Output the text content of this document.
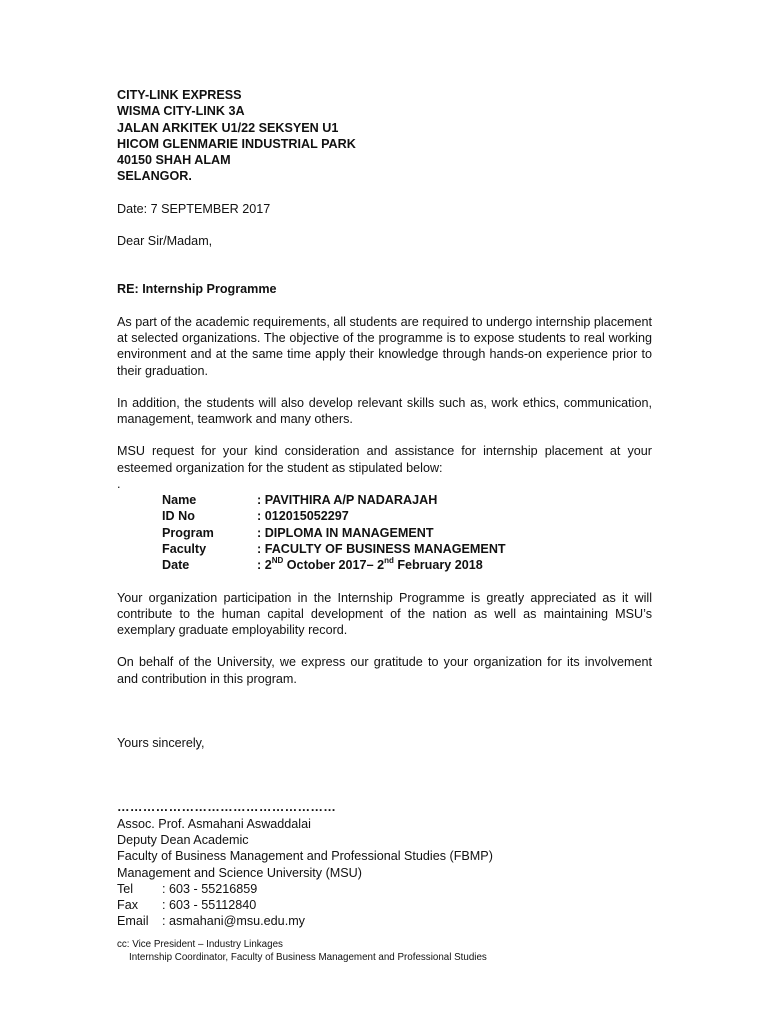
CITY-LINK EXPRESS
WISMA CITY-LINK 3A
JALAN ARKITEK U1/22 SEKSYEN U1
HICOM GLENMARIE INDUSTRIAL PARK
40150 SHAH ALAM
SELANGOR.
Date: 7 SEPTEMBER 2017
Dear Sir/Madam,
RE: Internship Programme
As part of the academic requirements, all students are required to undergo internship placement at selected organizations. The objective of the programme is to expose students to real working environment and at the same time apply their knowledge through hands-on experience prior to their graduation.
In addition, the students will also develop relevant skills such as, work ethics, communication, management, teamwork and many others.
MSU request for your kind consideration and assistance for internship placement at your esteemed organization for the student as stipulated below:
.
Name	: PAVITHIRA A/P NADARAJAH
ID No	: 012015052297
Program	: DIPLOMA IN MANAGEMENT
Faculty	: FACULTY OF BUSINESS MANAGEMENT
Date	: 2ND October 2017– 2nd February 2018
Your organization participation in the Internship Programme is greatly appreciated as it will contribute to the human capital development of the nation as well as maintaining MSU’s exemplary graduate employability record.
On behalf of the University, we express our gratitude to your organization for its involvement and contribution in this program.
Yours sincerely,
……………………………………………
Assoc. Prof. Asmahani Aswaddalai
Deputy Dean Academic
Faculty of Business Management and Professional Studies (FBMP)
Management and Science University (MSU)
Tel	: 603 - 55216859
Fax	: 603 - 55112840
Email	: asmahani@msu.edu.my
cc: Vice President – Industry Linkages
Internship Coordinator, Faculty of Business Management and Professional Studies
